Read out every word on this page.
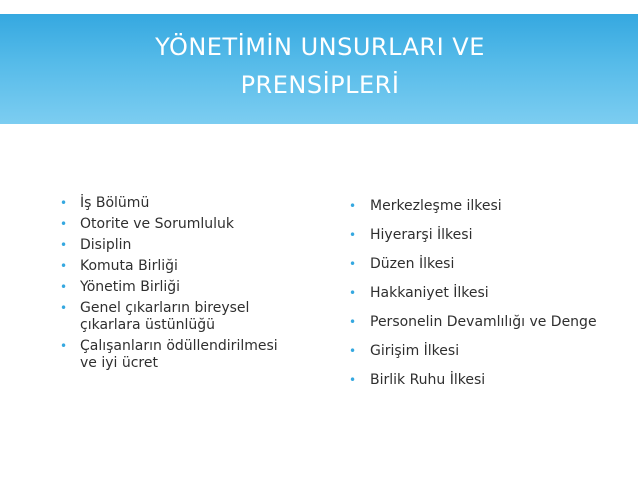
YÖNETİMİN UNSURLARI VE
PRENSİPLERİ
• İş Bölümü
• Otorite ve Sorumluluk
• Disiplin
• Komuta Birliği
• Yönetim Birliği
• Genel çıkarların bireysel çıkarlara üstünlüğü
• Çalışanların ödüllendirilmesi ve iyi ücret
• Merkezleşme ilkesi
• Hiyerarşi İlkesi
• Düzen İlkesi
• Hakkaniyet İlkesi
• Personelin Devamlılığı ve Denge
• Girişim İlkesi
• Birlik Ruhu İlkesi
